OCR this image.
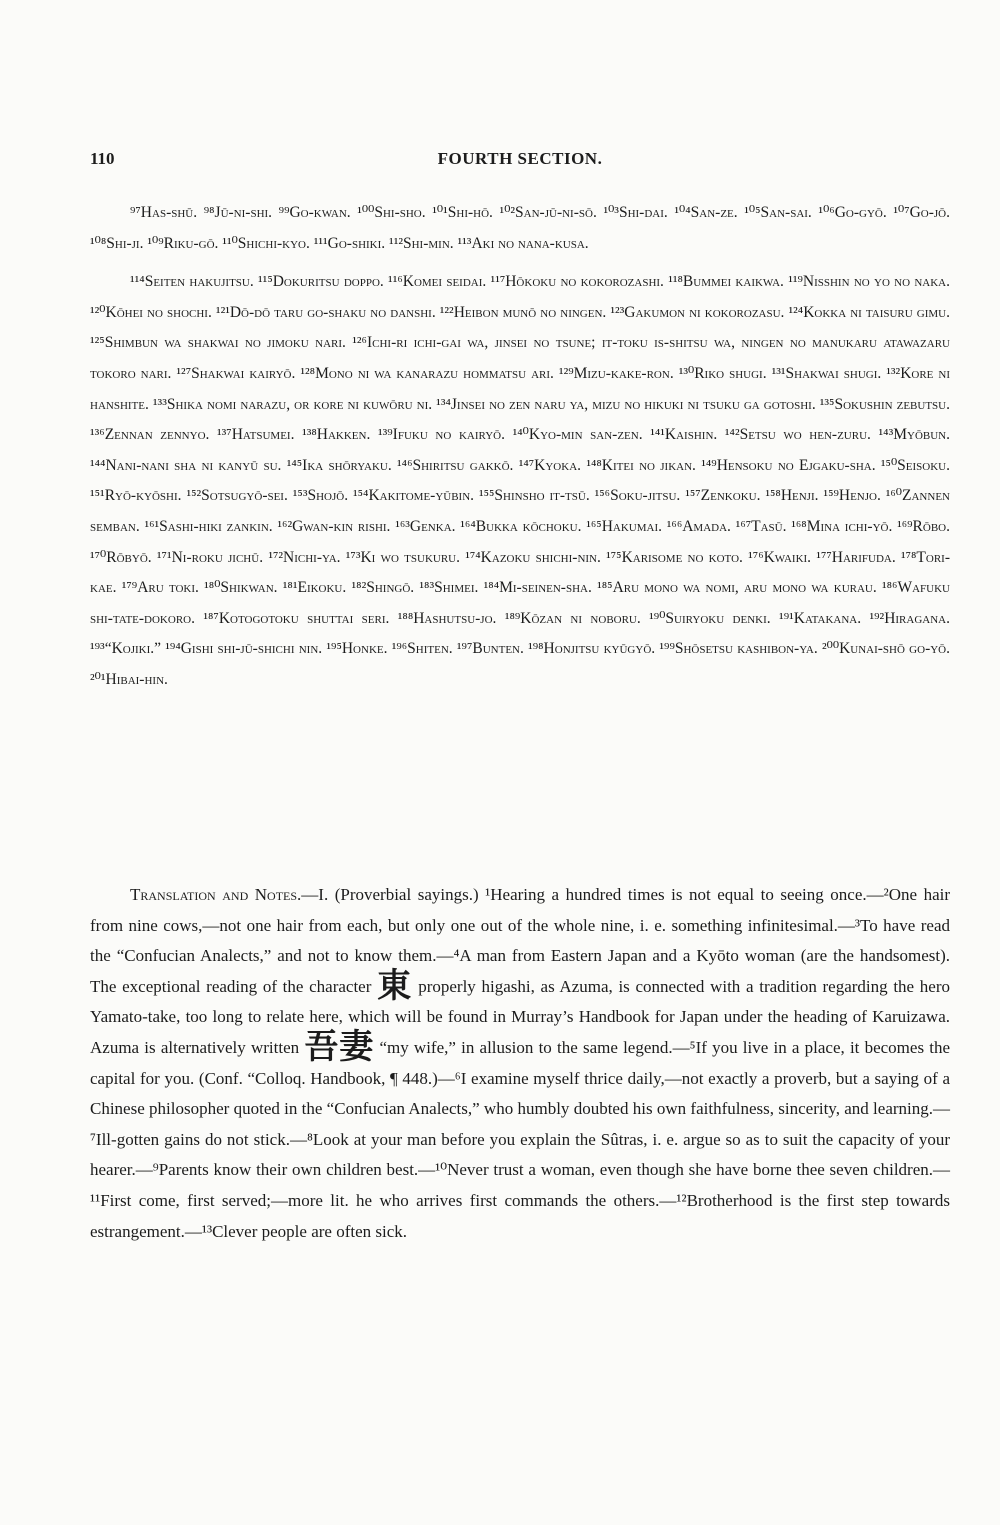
110	FOURTH SECTION.

⁹⁷Has-shū. ⁹⁸Jū-ni-shi. ⁹⁹Go-kwan. ¹⁰⁰Shi-sho. ¹⁰¹Shi-hō. ¹⁰²San-jū-ni-sō. ¹⁰³Shi-dai. ¹⁰⁴San-ze. ¹⁰⁵San-sai. ¹⁰⁶Go-gyō. ¹⁰⁷Go-jō. ¹⁰⁸Shi-ji. ¹⁰⁹Riku-gō. ¹¹⁰Shichi-kyo. ¹¹¹Go-shiki. ¹¹²Shi-min. ¹¹³Aki no nana-kusa.

¹¹⁴Seiten hakujitsu. ¹¹⁵Dokuritsu doppo. ¹¹⁶Komei seidai. ¹¹⁷Hōkoku no kokorozashi. ¹¹⁸Bummei kaikwa. ¹¹⁹Nisshin no yo no naka. ¹²⁰Kōhei no shochi. ¹²¹Dō-dō taru go-shaku no danshi. ¹²²Heibon munō no ningen. ¹²³Gakumon ni kokorozasu. ¹²⁴Kokka ni taisuru gimu. ¹²⁵Shimbun wa shakwai no jimoku nari. ¹²⁶Ichi-ri ichi-gai wa, jinsei no tsune; it-toku is-shitsu wa, ningen no manukaru atawazaru tokoro nari. ¹²⁷Shakwai kairyō. ¹²⁸Mono ni wa kanarazu hommatsu ari. ¹²⁹Mizu-kake-ron. ¹³⁰Riko shugi. ¹³¹Shakwai shugi. ¹³²Kore ni hanshite. ¹³³Shika nomi narazu, or kore ni kuwōru ni. ¹³⁴Jinsei no zen naru ya, mizu no hikuki ni tsuku ga gotoshi. ¹³⁵Sokushin zebutsu. ¹³⁶Zennan zennyo. ¹³⁷Hatsumei. ¹³⁸Hakken. ¹³⁹Ifuku no kairyō. ¹⁴⁰Kyo-min san-zen. ¹⁴¹Kaishin. ¹⁴²Setsu wo hen-zuru. ¹⁴³Myōbun. ¹⁴⁴Nani-nani sha ni kanyū su. ¹⁴⁵Ika shōryaku. ¹⁴⁶Shiritsu gakkō. ¹⁴⁷Kyoka. ¹⁴⁸Kitei no jikan. ¹⁴⁹Hensoku no Ejgaku-sha. ¹⁵⁰Seisoku. ¹⁵¹Ryō-kyōshi. ¹⁵²Sotsugyō-sei. ¹⁵³Shojō. ¹⁵⁴Kakitome-yūbin. ¹⁵⁵Shinsho it-tsū. ¹⁵⁶Soku-jitsu. ¹⁵⁷Zenkoku. ¹⁵⁸Henji. ¹⁵⁹Henjo. ¹⁶⁰Zannen semban. ¹⁶¹Sashi-hiki zankin. ¹⁶²Gwan-kin rishi. ¹⁶³Genka. ¹⁶⁴Bukka kōchoku. ¹⁶⁵Hakumai. ¹⁶⁶Amada. ¹⁶⁷Tasū. ¹⁶⁸Mina ichi-yō. ¹⁶⁹Rōbo. ¹⁷⁰Rōbyō. ¹⁷¹Ni-roku jichū. ¹⁷²Nichi-ya. ¹⁷³Ki wo tsukuru. ¹⁷⁴Kazoku shichi-nin. ¹⁷⁵Karisome no koto. ¹⁷⁶Kwaiki. ¹⁷⁷Harifuda. ¹⁷⁸Tori-kae. ¹⁷⁹Aru toki. ¹⁸⁰Shikwan. ¹⁸¹Eikoku. ¹⁸²Shingō. ¹⁸³Shimei. ¹⁸⁴Mi-seinen-sha. ¹⁸⁵Aru mono wa nomi, aru mono wa kurau. ¹⁸⁶Wafuku shi-tate-dokoro. ¹⁸⁷Kotogotoku shuttai seri. ¹⁸⁸Hashutsu-jo. ¹⁸⁹Kōzan ni noboru. ¹⁹⁰Suiryoku denki. ¹⁹¹Katakana. ¹⁹²Hiragana. ¹⁹³“Kojiki.” ¹⁹⁴Gishi shi-jū-shichi nin. ¹⁹⁵Honke. ¹⁹⁶Shiten. ¹⁹⁷Bunten. ¹⁹⁸Honjitsu kyūgyō. ¹⁹⁹Shōsetsu kashibon-ya. ²⁰⁰Kunai-shō go-yō. ²⁰¹Hibai-hin.

Translation and Notes.—I. (Proverbial sayings.) ¹Hearing a hundred times is not equal to seeing once.—²One hair from nine cows,—not one hair from each, but only one out of the whole nine, i. e. something infinitesimal.—³To have read the “Confucian Analects,” and not to know them.—⁴A man from Eastern Japan and a Kyōto woman (are the handsomest). The exceptional reading of the character 東 properly higashi, as Azuma, is connected with a tradition regarding the hero Yamato-take, too long to relate here, which will be found in Murray’s Handbook for Japan under the heading of Karuizawa. Azuma is alternatively written 吾妻 “my wife,” in allusion to the same legend.—⁵If you live in a place, it becomes the capital for you. (Conf. “Colloq. Handbook, ¶ 448.)—⁶I examine myself thrice daily,—not exactly a proverb, but a saying of a Chinese philosopher quoted in the “Confucian Analects,” who humbly doubted his own faithfulness, sincerity, and learning.—⁷Ill-gotten gains do not stick.—⁸Look at your man before you explain the Sûtras, i. e. argue so as to suit the capacity of your hearer.—⁹Parents know their own children best.—¹⁰Never trust a woman, even though she have borne thee seven children.—¹¹First come, first served;—more lit. he who arrives first commands the others.—¹²Brotherhood is the first step towards estrangement.—¹³Clever people are often sick.
